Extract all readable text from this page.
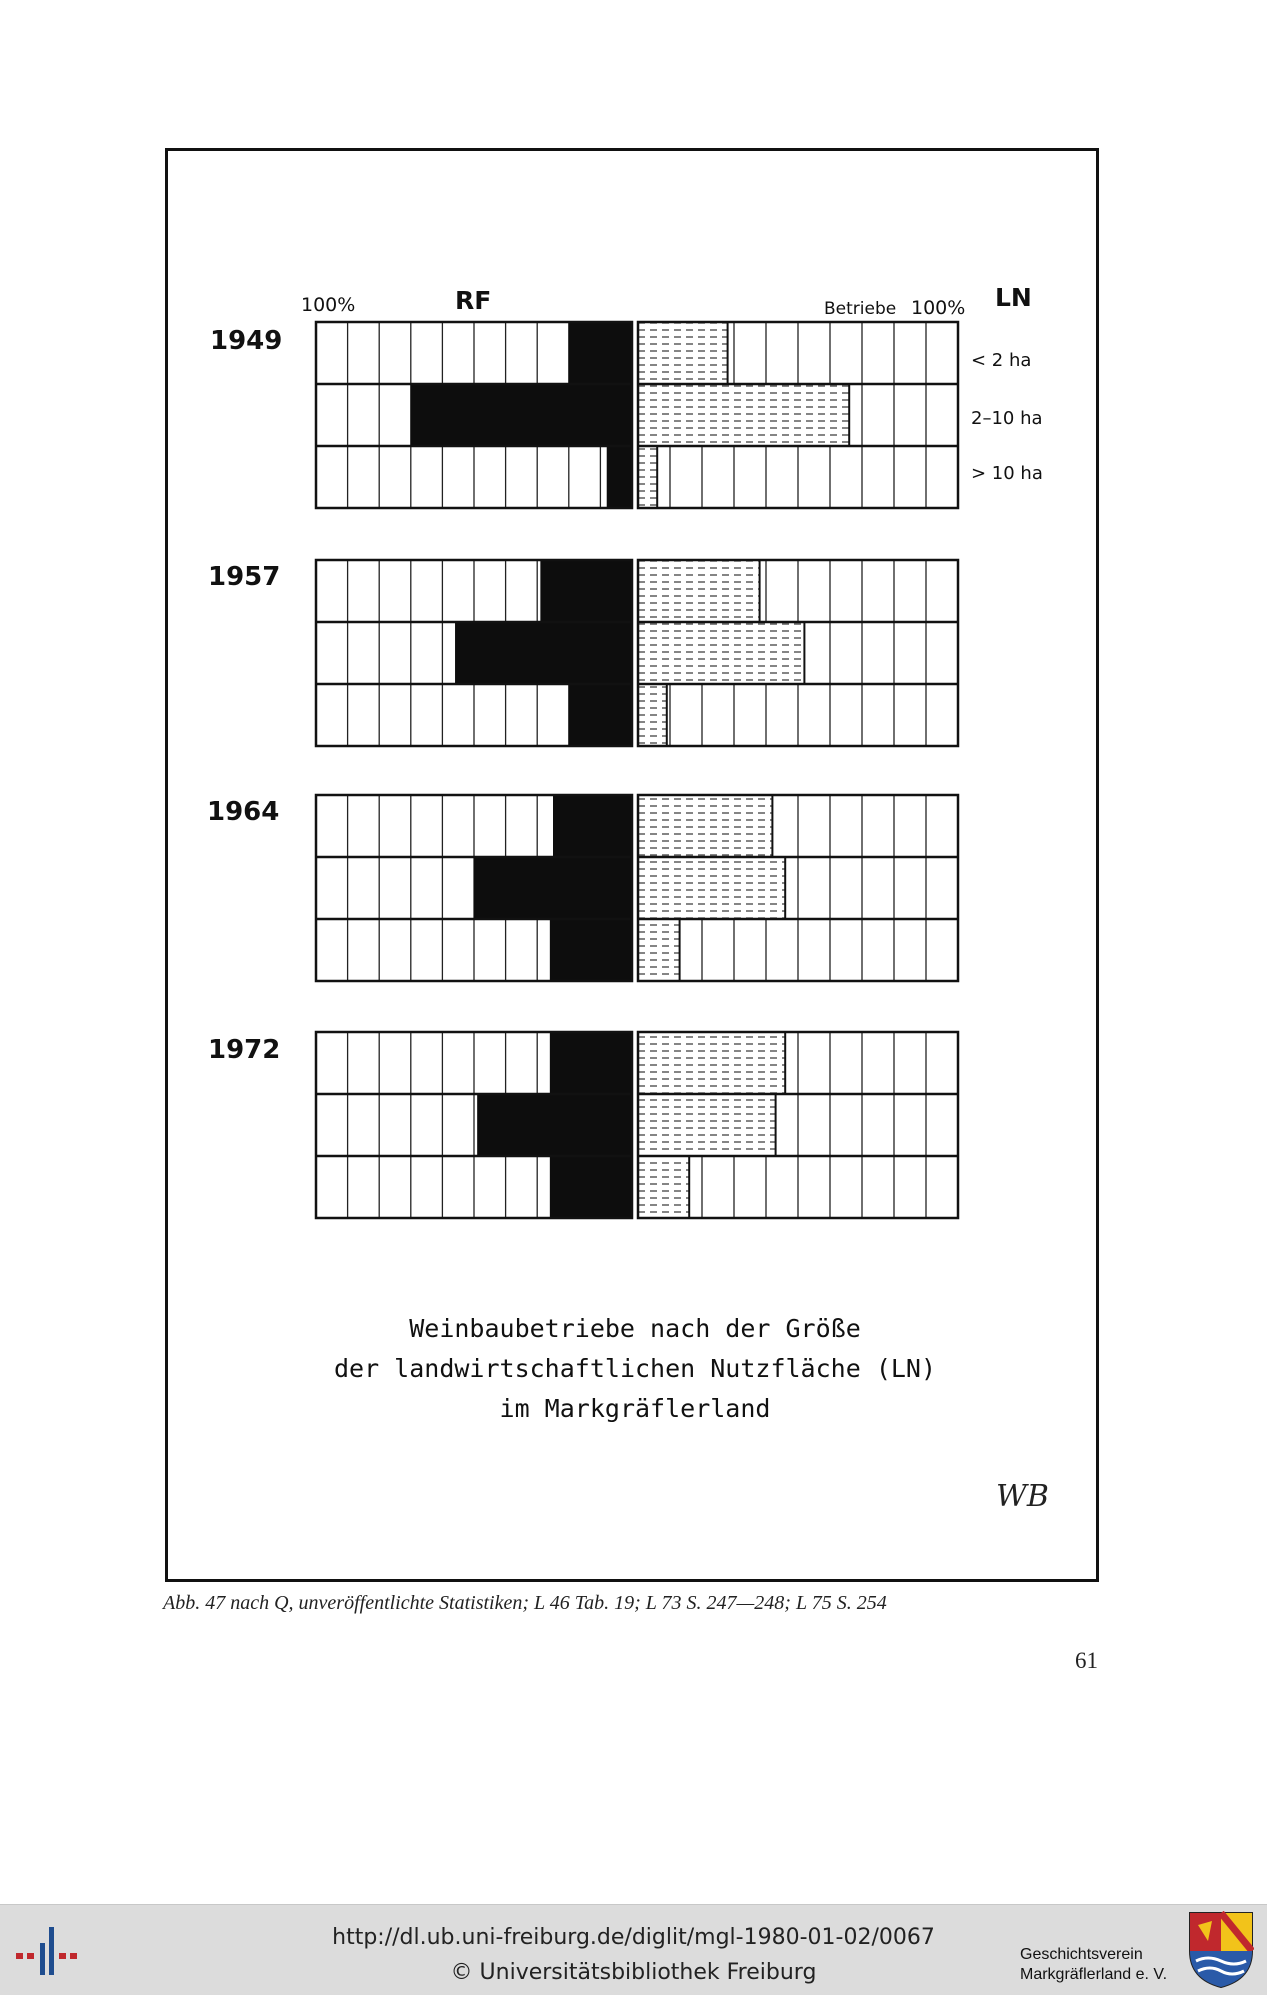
100%	RF	Betriebe 100% LN
< 2 ha
2–10 ha
> 10 ha
1949
1957
1964
1972
Weinbaubetriebe nach der Größe
der landwirtschaftlichen Nutzfläche (LN)
im Markgräflerland
WB
Abb. 47 nach Q, unveröffentlichte Statistiken; L 46 Tab. 19; L 73 S. 247—248; L 75 S. 254
61
http://dl.ub.uni-freiburg.de/diglit/mgl-1980-01-02/0067
© Universitätsbibliothek Freiburg
Geschichtsverein
Markgräflerland e. V.
